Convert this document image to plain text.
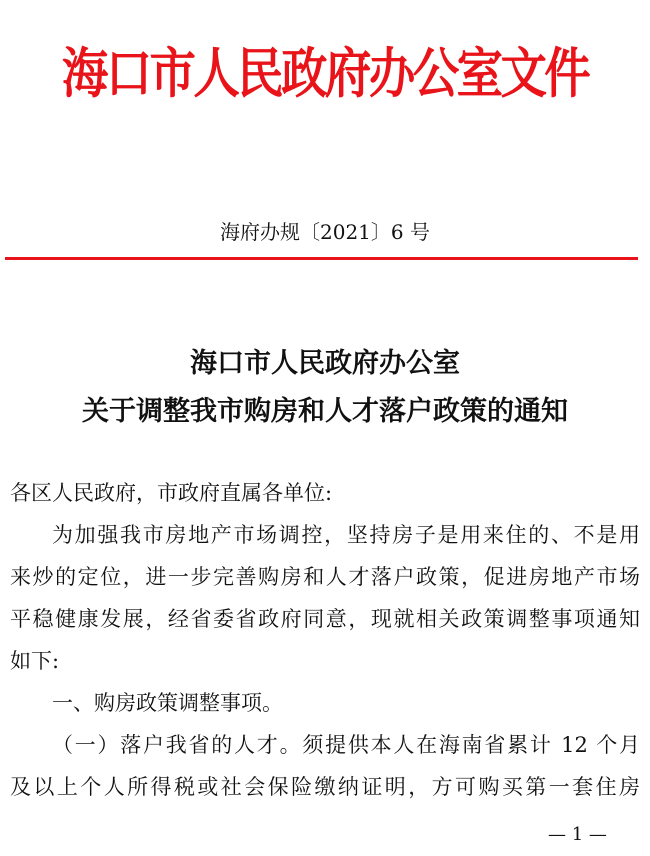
海口市人民政府办公室文件
海府办规〔2021〕6 号
海口市人民政府办公室
关于调整我市购房和人才落户政策的通知
各区人民政府，市政府直属各单位:
为加强我市房地产市场调控，坚持房子是用来住的、不是用
来炒的定位，进一步完善购房和人才落户政策，促进房地产市场
平稳健康发展，经省委省政府同意，现就相关政策调整事项通知
如下:
一、购房政策调整事项。
（一）落户我省的人才。须提供本人在海南省累计 12 个月
及以上个人所得税或社会保险缴纳证明，方可购买第一套住房
— 1 —
